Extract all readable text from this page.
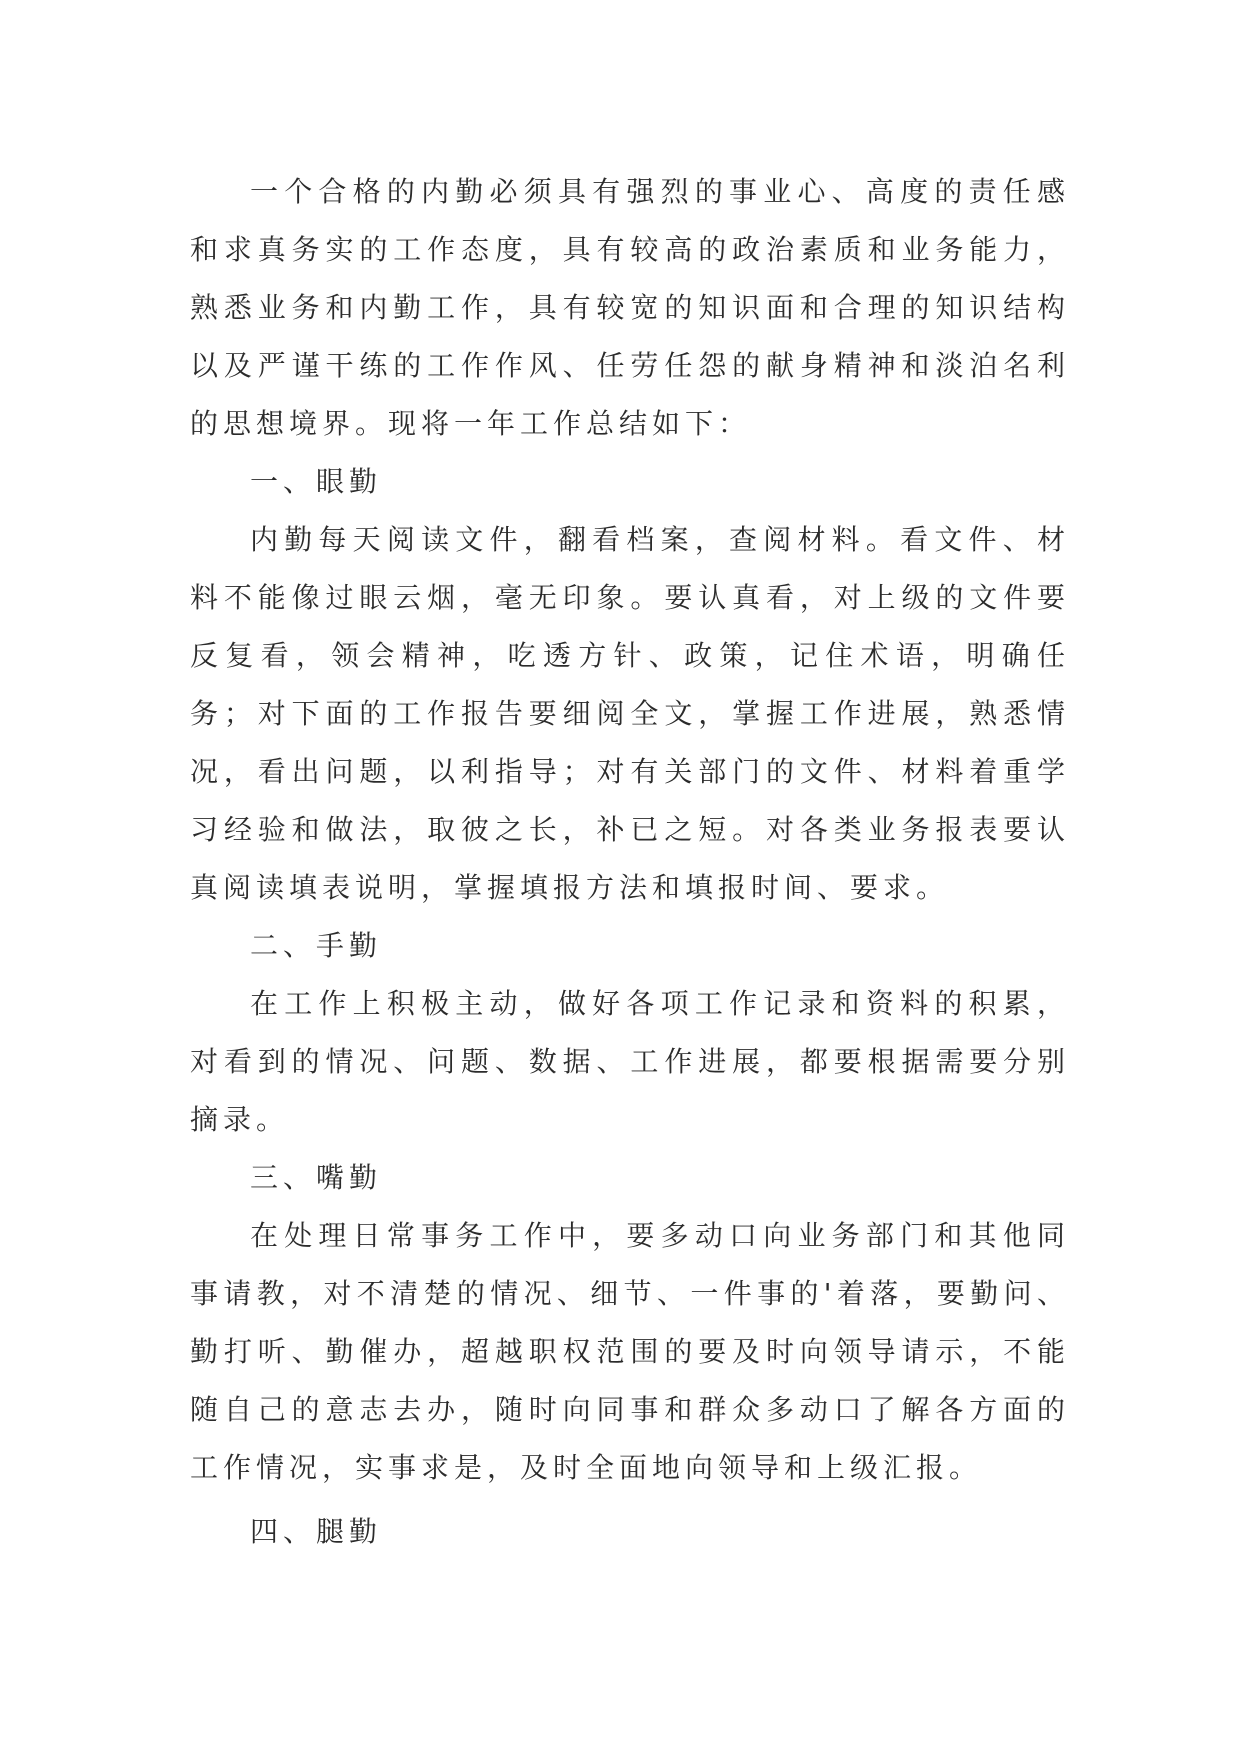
一个合格的内勤必须具有强烈的事业心、高度的责任感和求真务实的工作态度，具有较高的政治素质和业务能力，熟悉业务和内勤工作，具有较宽的知识面和合理的知识结构以及严谨干练的工作作风、任劳任怨的献身精神和淡泊名利的思想境界。现将一年工作总结如下：

一、眼勤

内勤每天阅读文件，翻看档案，查阅材料。看文件、材料不能像过眼云烟，毫无印象。要认真看，对上级的文件要反复看，领会精神，吃透方针、政策，记住术语，明确任务；对下面的工作报告要细阅全文，掌握工作进展，熟悉情况，看出问题，以利指导；对有关部门的文件、材料着重学习经验和做法，取彼之长，补已之短。对各类业务报表要认真阅读填表说明，掌握填报方法和填报时间、要求。

二、手勤

在工作上积极主动，做好各项工作记录和资料的积累，对看到的情况、问题、数据、工作进展，都要根据需要分别摘录。

三、嘴勤

在处理日常事务工作中，要多动口向业务部门和其他同事请教，对不清楚的情况、细节、一件事的'着落，要勤问、勤打听、勤催办，超越职权范围的要及时向领导请示，不能随自己的意志去办，随时向同事和群众多动口了解各方面的工作情况，实事求是，及时全面地向领导和上级汇报。

四、腿勤
